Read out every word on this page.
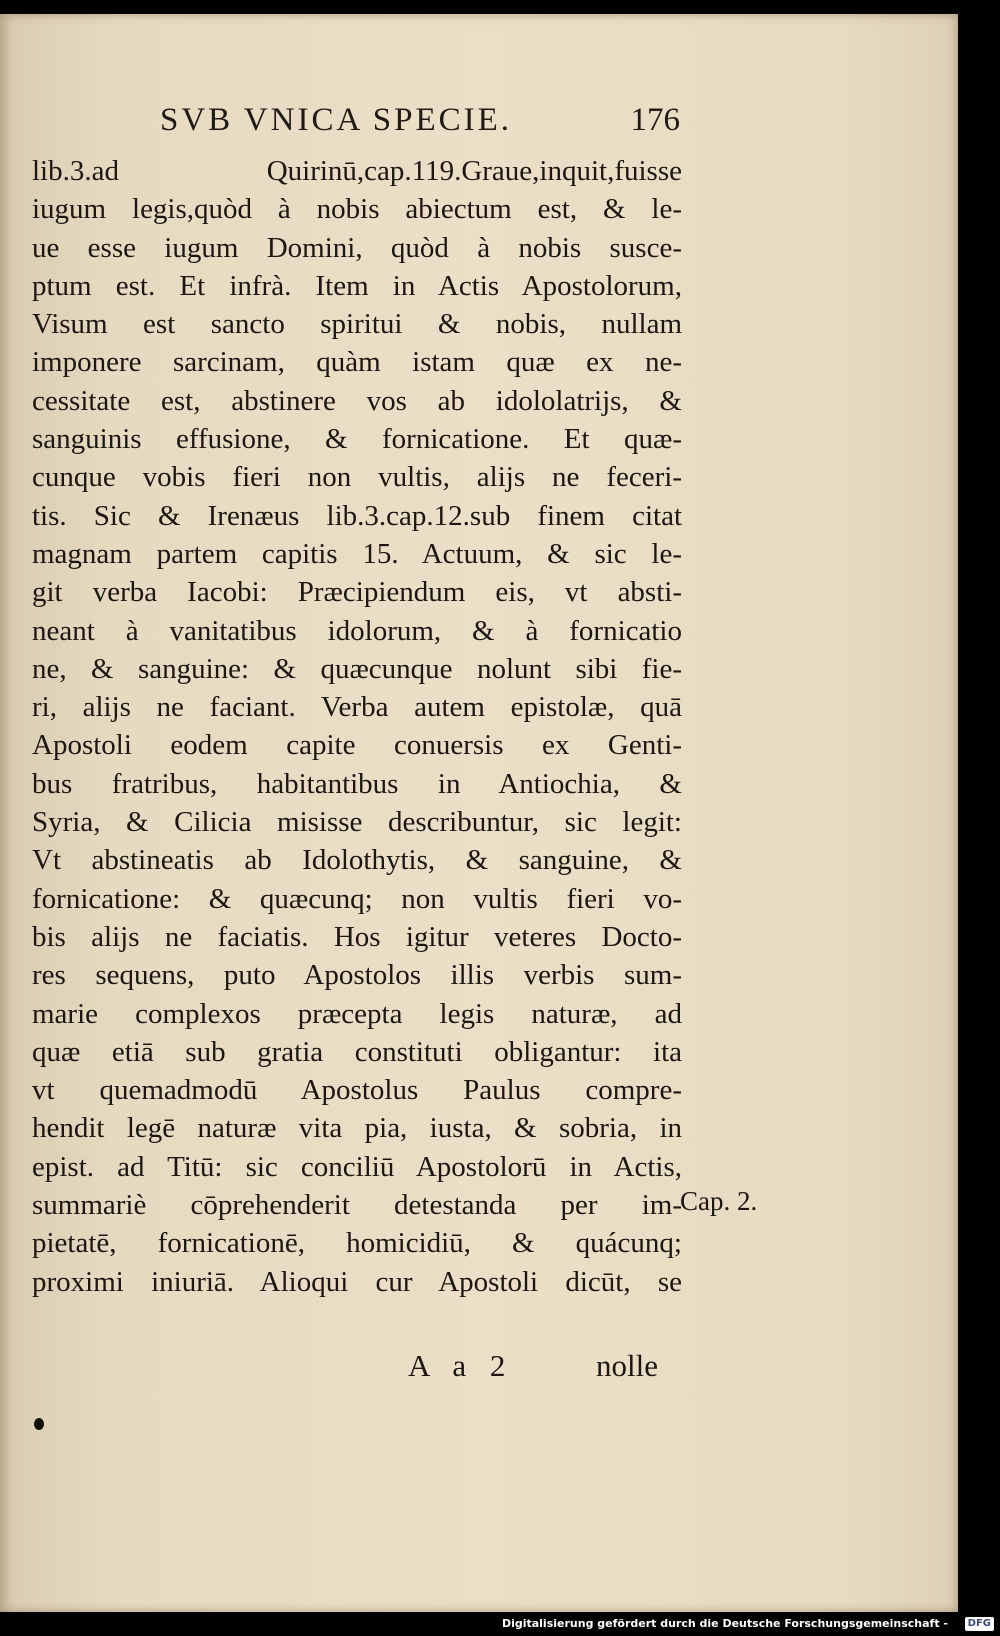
SVB VNICA SPECIE.	176
lib.3.ad Quirinū,cap.119.Graue,inquit,fuisse
iugum legis,quòd à nobis abiectum est, & le-
ue esse iugum Domini, quòd à nobis susce-
ptum est. Et infrà. Item in Actis Apostolorum,
Visum est sancto spiritui & nobis, nullam
imponere sarcinam, quàm istam quæ ex ne-
cessitate est, abstinere vos ab idololatrijs, &
sanguinis effusione, & fornicatione. Et quæ-
cunque vobis fieri non vultis, alijs ne feceri-
tis. Sic & Irenæus lib.3.cap.12.sub finem citat
magnam partem capitis 15. Actuum, & sic le-
git verba Iacobi: Præcipiendum eis, vt absti-
neant à vanitatibus idolorum, & à fornicatio
ne, & sanguine: & quæcunque nolunt sibi fie-
ri, alijs ne faciant. Verba autem epistolæ, quā
Apostoli eodem capite conuersis ex Genti-
bus fratribus, habitantibus in Antiochia, &
Syria, & Cilicia misisse describuntur, sic legit:
Vt abstineatis ab Idolothytis, & sanguine, &
fornicatione: & quæcunq; non vultis fieri vo-
bis alijs ne faciatis. Hos igitur veteres Docto-
res sequens, puto Apostolos illis verbis sum-
marie complexos præcepta legis naturæ, ad
quæ etiā sub gratia constituti obligantur: ita
vt quemadmodū Apostolus Paulus compre-
hendit legē naturæ vita pia, iusta, & sobria, in
epist. ad Titū: sic conciliū Apostolorū in Actis,
summariè cōprehenderit detestanda per im-
pietatē, fornicationē, homicidiū, & quácunq;
proximi iniuriā. Alioqui cur Apostoli dicūt, se
Cap. 2.
A a 2	nolle
Digitalisierung gefördert durch die Deutsche Forschungsgemeinschaft -	DFG
